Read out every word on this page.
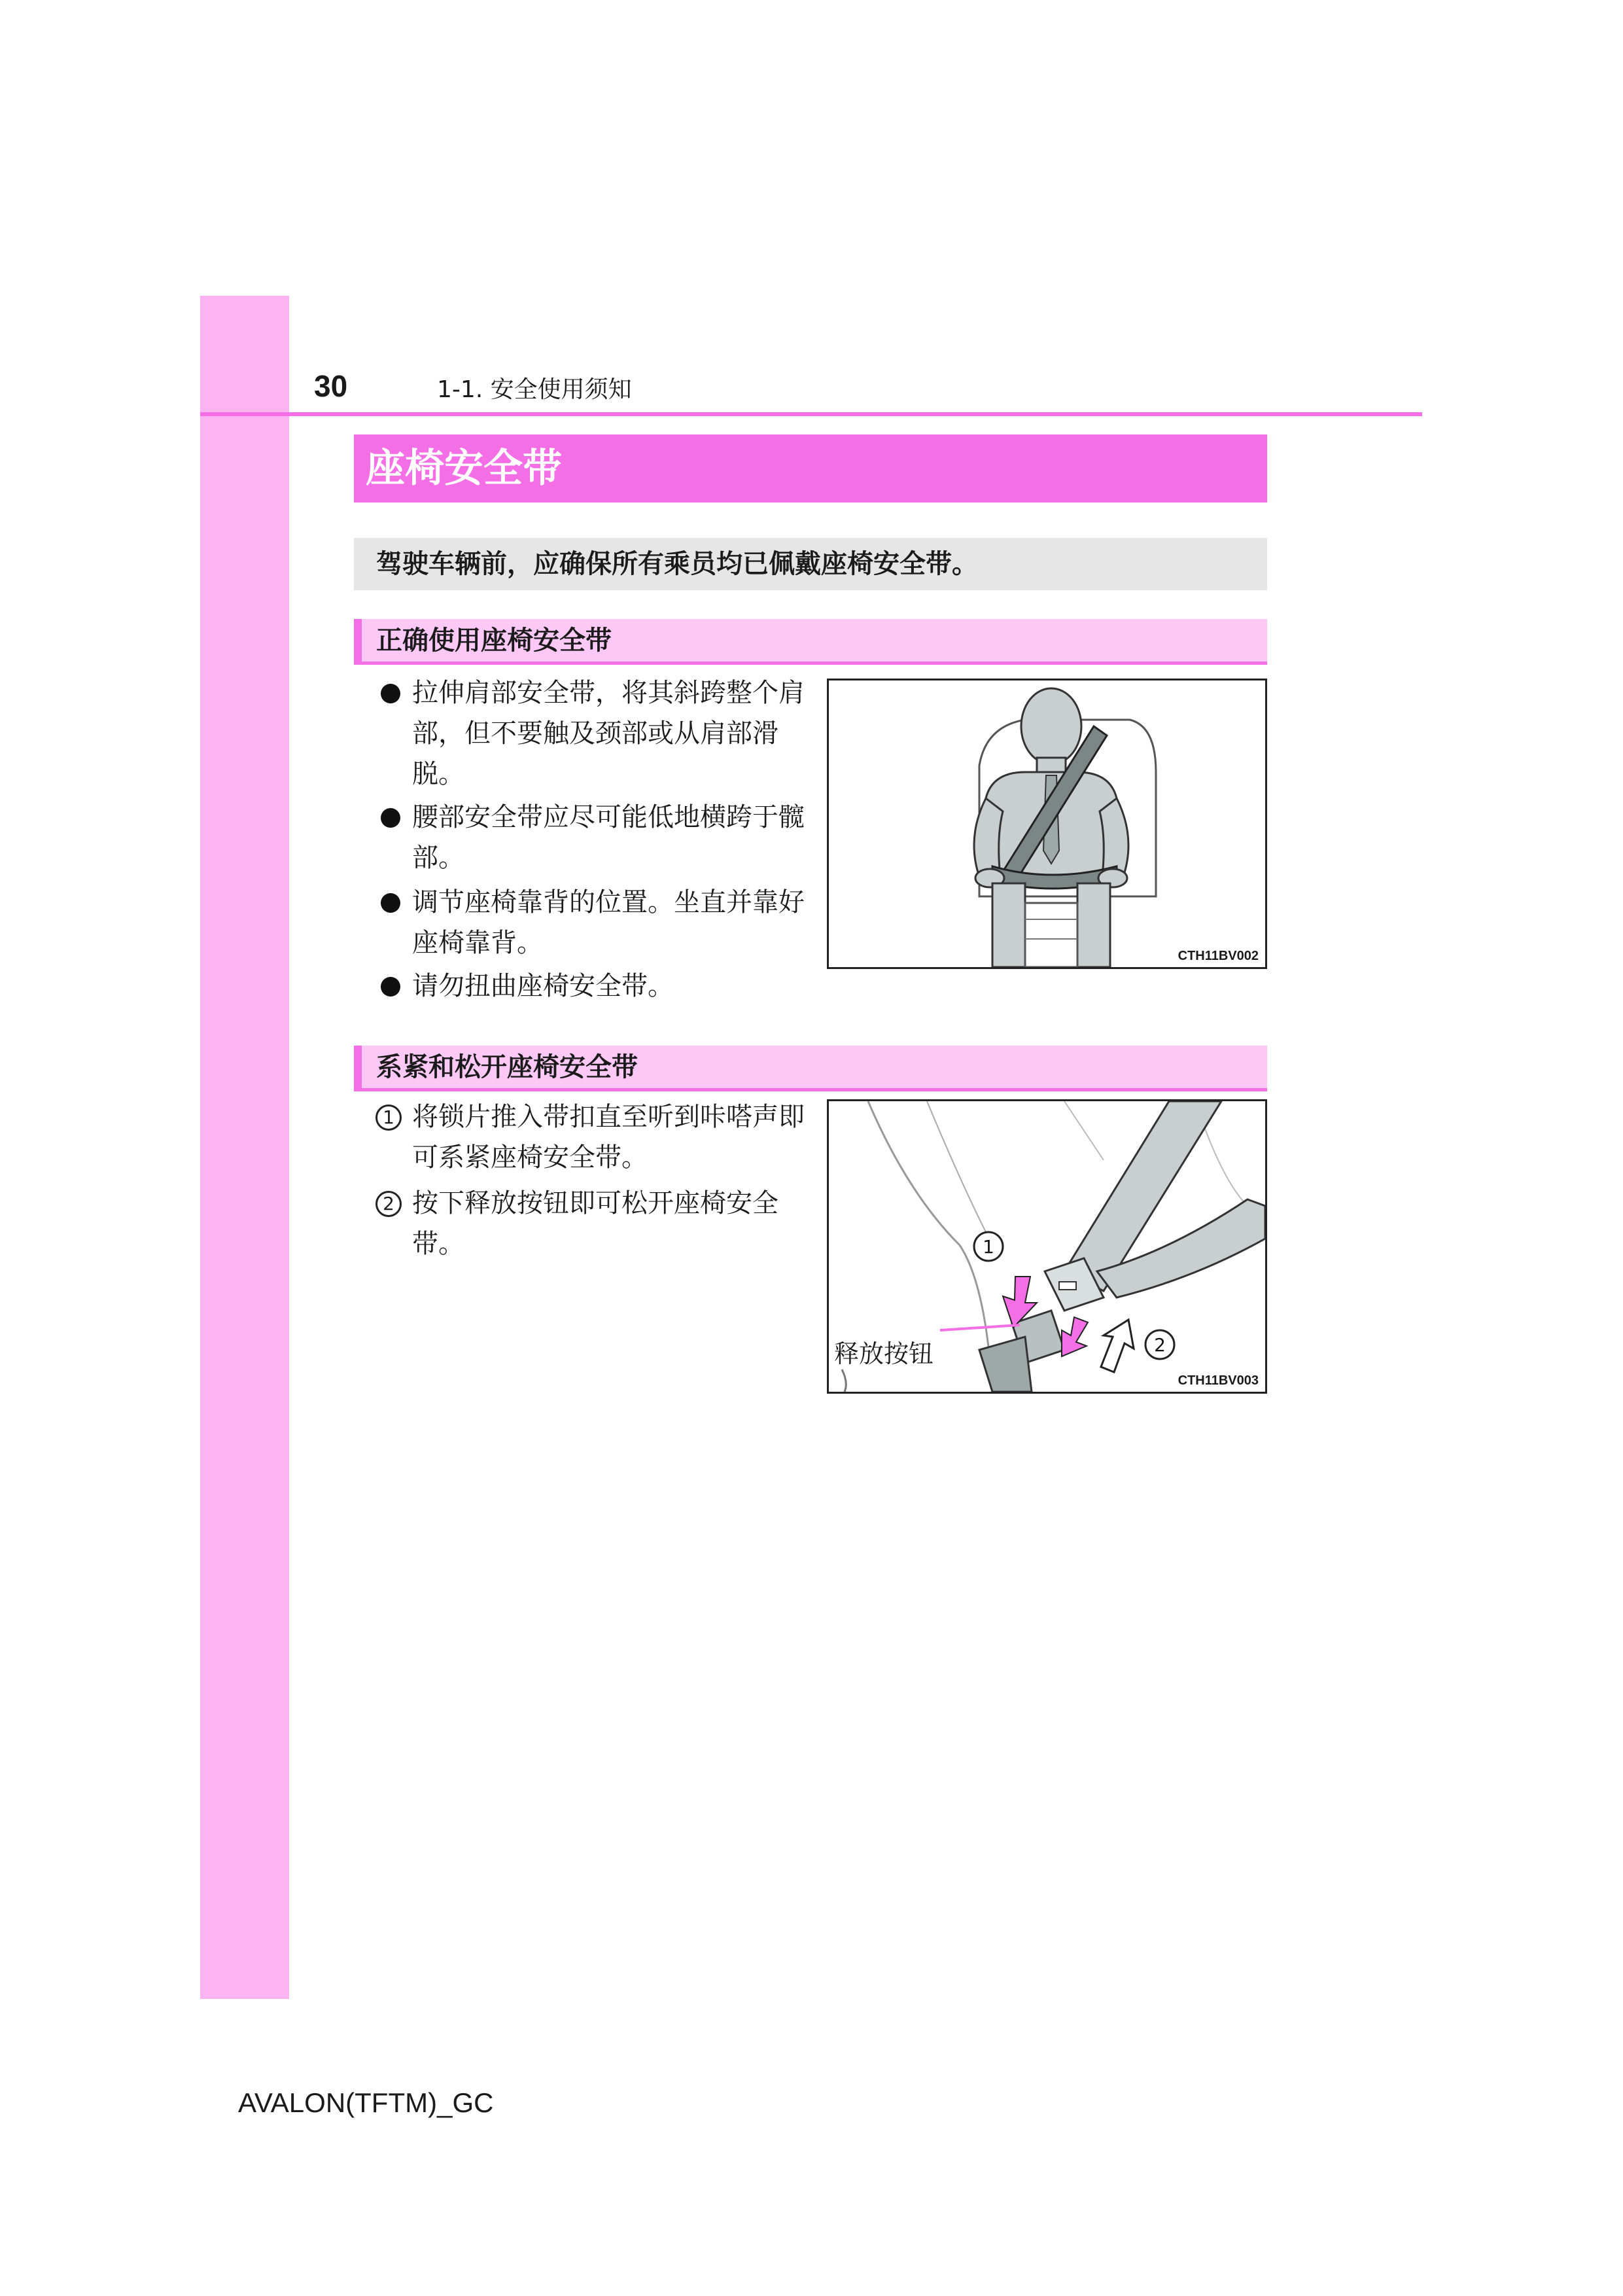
30	1-1. 安全使用须知
座椅安全带
驾驶车辆前，应确保所有乘员均已佩戴座椅安全带。
正确使用座椅安全带
拉伸肩部安全带，将其斜跨整个肩部，但不要触及颈部或从肩部滑脱。
腰部安全带应尽可能低地横跨于髋部。
调节座椅靠背的位置。坐直并靠好座椅靠背。
请勿扭曲座椅安全带。
CTH11BV002
系紧和松开座椅安全带
1 将锁片推入带扣直至听到咔嗒声即可系紧座椅安全带。
2 按下释放按钮即可松开座椅安全带。	1
2
释放按钮
CTH11BV003
AVALON(TFTM)_GC
